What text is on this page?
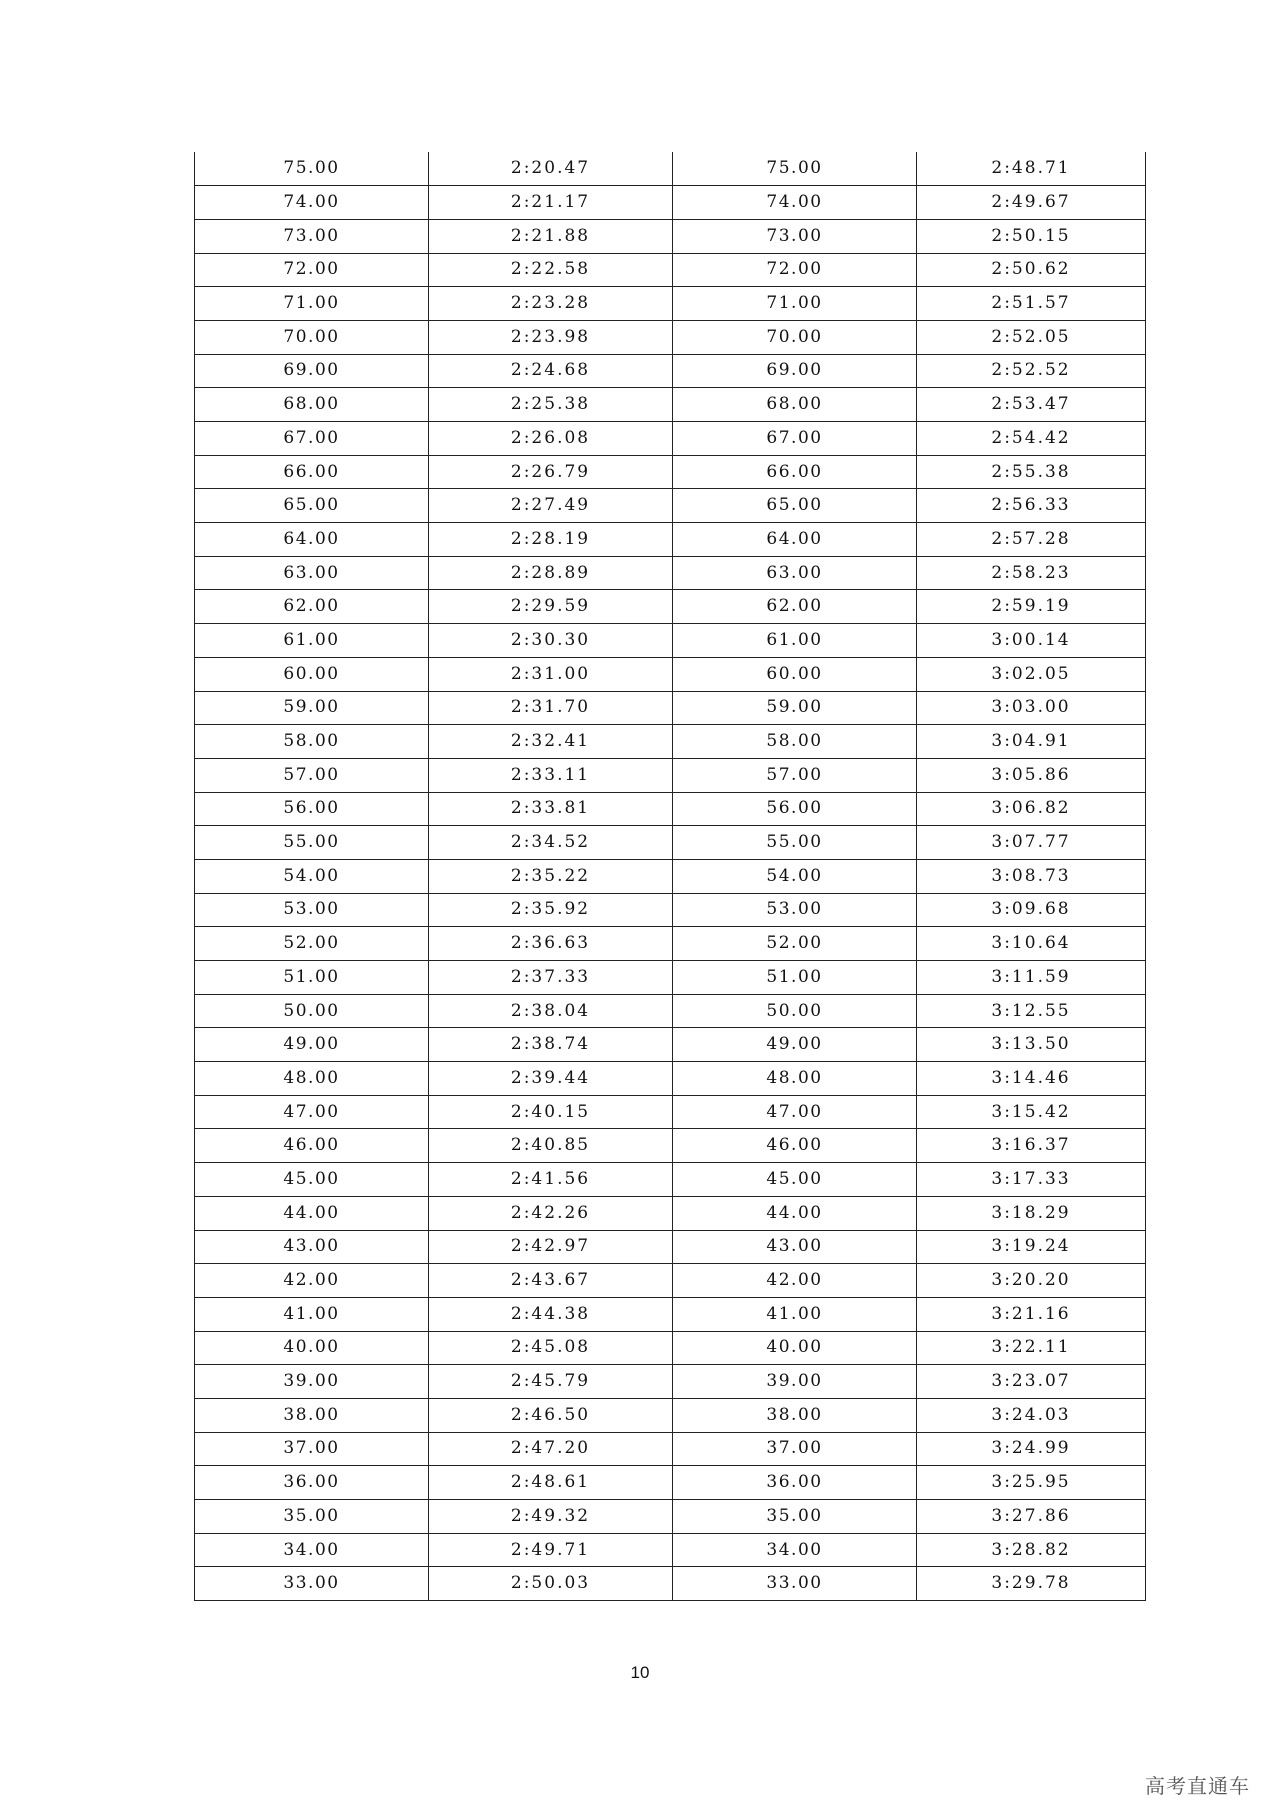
75.00	2:20.47	75.00	2:48.71
74.00	2:21.17	74.00	2:49.67
73.00	2:21.88	73.00	2:50.15
72.00	2:22.58	72.00	2:50.62
71.00	2:23.28	71.00	2:51.57
70.00	2:23.98	70.00	2:52.05
69.00	2:24.68	69.00	2:52.52
68.00	2:25.38	68.00	2:53.47
67.00	2:26.08	67.00	2:54.42
66.00	2:26.79	66.00	2:55.38
65.00	2:27.49	65.00	2:56.33
64.00	2:28.19	64.00	2:57.28
63.00	2:28.89	63.00	2:58.23
62.00	2:29.59	62.00	2:59.19
61.00	2:30.30	61.00	3:00.14
60.00	2:31.00	60.00	3:02.05
59.00	2:31.70	59.00	3:03.00
58.00	2:32.41	58.00	3:04.91
57.00	2:33.11	57.00	3:05.86
56.00	2:33.81	56.00	3:06.82
55.00	2:34.52	55.00	3:07.77
54.00	2:35.22	54.00	3:08.73
53.00	2:35.92	53.00	3:09.68
52.00	2:36.63	52.00	3:10.64
51.00	2:37.33	51.00	3:11.59
50.00	2:38.04	50.00	3:12.55
49.00	2:38.74	49.00	3:13.50
48.00	2:39.44	48.00	3:14.46
47.00	2:40.15	47.00	3:15.42
46.00	2:40.85	46.00	3:16.37
45.00	2:41.56	45.00	3:17.33
44.00	2:42.26	44.00	3:18.29
43.00	2:42.97	43.00	3:19.24
42.00	2:43.67	42.00	3:20.20
41.00	2:44.38	41.00	3:21.16
40.00	2:45.08	40.00	3:22.11
39.00	2:45.79	39.00	3:23.07
38.00	2:46.50	38.00	3:24.03
37.00	2:47.20	37.00	3:24.99
36.00	2:48.61	36.00	3:25.95
35.00	2:49.32	35.00	3:27.86
34.00	2:49.71	34.00	3:28.82
33.00	2:50.03	33.00	3:29.78
10
高考直通车
